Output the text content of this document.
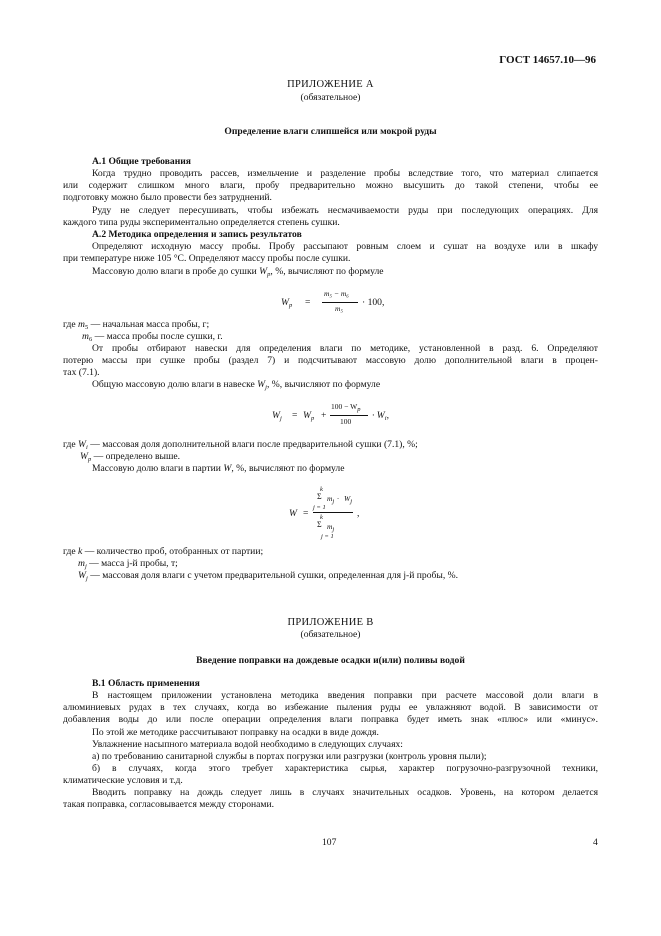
ГОСТ 14657.10—96
ПРИЛОЖЕНИЕ А
(обязательное)
Определение влаги слипшейся или мокрой руды
А.1 Общие требования
Когда трудно проводить рассев, измельчение и разделение пробы вследствие того, что материал слипается
или содержит слишком много влаги, пробу предварительно можно высушить до такой степени, чтобы ее
подготовку можно было провести без затруднений.
Руду не следует пересушивать, чтобы избежать несмачиваемости руды при последующих операциях. Для
каждого типа руды экспериментально определяется степень сушки.
А.2 Методика определения и запись результатов
Определяют исходную массу пробы. Пробу рассыпают ровным слоем и сушат на воздухе или в шкафу
при температуре ниже 105 °С. Определяют массу пробы после сушки.
Массовую долю влаги в пробе до сушки $W_p$, %, вычисляют по формуле
$W_p$ =
m₅ − m₆
m₅
· 100,
где $m_5$ — начальная масса пробы, г;
$m_6$ — масса пробы после сушки, г.
От пробы отбирают навески для определения влаги по методике, установленной в разд. 6. Определяют
потерю массы при сушке пробы (раздел 7) и подсчитывают массовую долю дополнительной влаги в процен-
тах (7.1).
Общую массовую долю влаги в навеске $W_j$, %, вычисляют по формуле
$W_j = W_p$ +
$100 - W_p$
100
· $W_i$,
где $W_i$ — массовая доля дополнительной влаги после предварительной сушки (7.1), %;
$W_p$ — определено выше.
Массовую долю влаги в партии W, %, вычисляют по формуле
W =
k
Σ $m_j \cdot W_j$
j = 1
k
Σ $m_j$
j = 1
,
где k — количество проб, отобранных от партии;
$m_j$ — масса j-й пробы, т;
$W_j$ — массовая доля влаги с учетом предварительной сушки, определенная для j-й пробы, %.
ПРИЛОЖЕНИЕ В
(обязательное)
Введение поправки на дождевые осадки и(или) поливы водой
В.1 Область применения
В настоящем приложении установлена методика введения поправки при расчете массовой доли влаги в
алюминиевых рудах в тех случаях, когда во избежание пыления руды ее увлажняют водой. В зависимости от
добавления воды до или после операции определения влаги поправка будет иметь знак «плюс» или «минус».
По этой же методике рассчитывают поправку на осадки в виде дождя.
Увлажнение насыпного материала водой необходимо в следующих случаях:
а) по требованию санитарной службы в портах погрузки или разгрузки (контроль уровня пыли);
б) в случаях, когда этого требует характеристика сырья, характер погрузочно-разгрузочной техники,
климатические условия и т.д.
Вводить поправку на дождь следует лишь в случаях значительных осадков. Уровень, на котором делается
такая поправка, согласовывается между сторонами.
107	4
